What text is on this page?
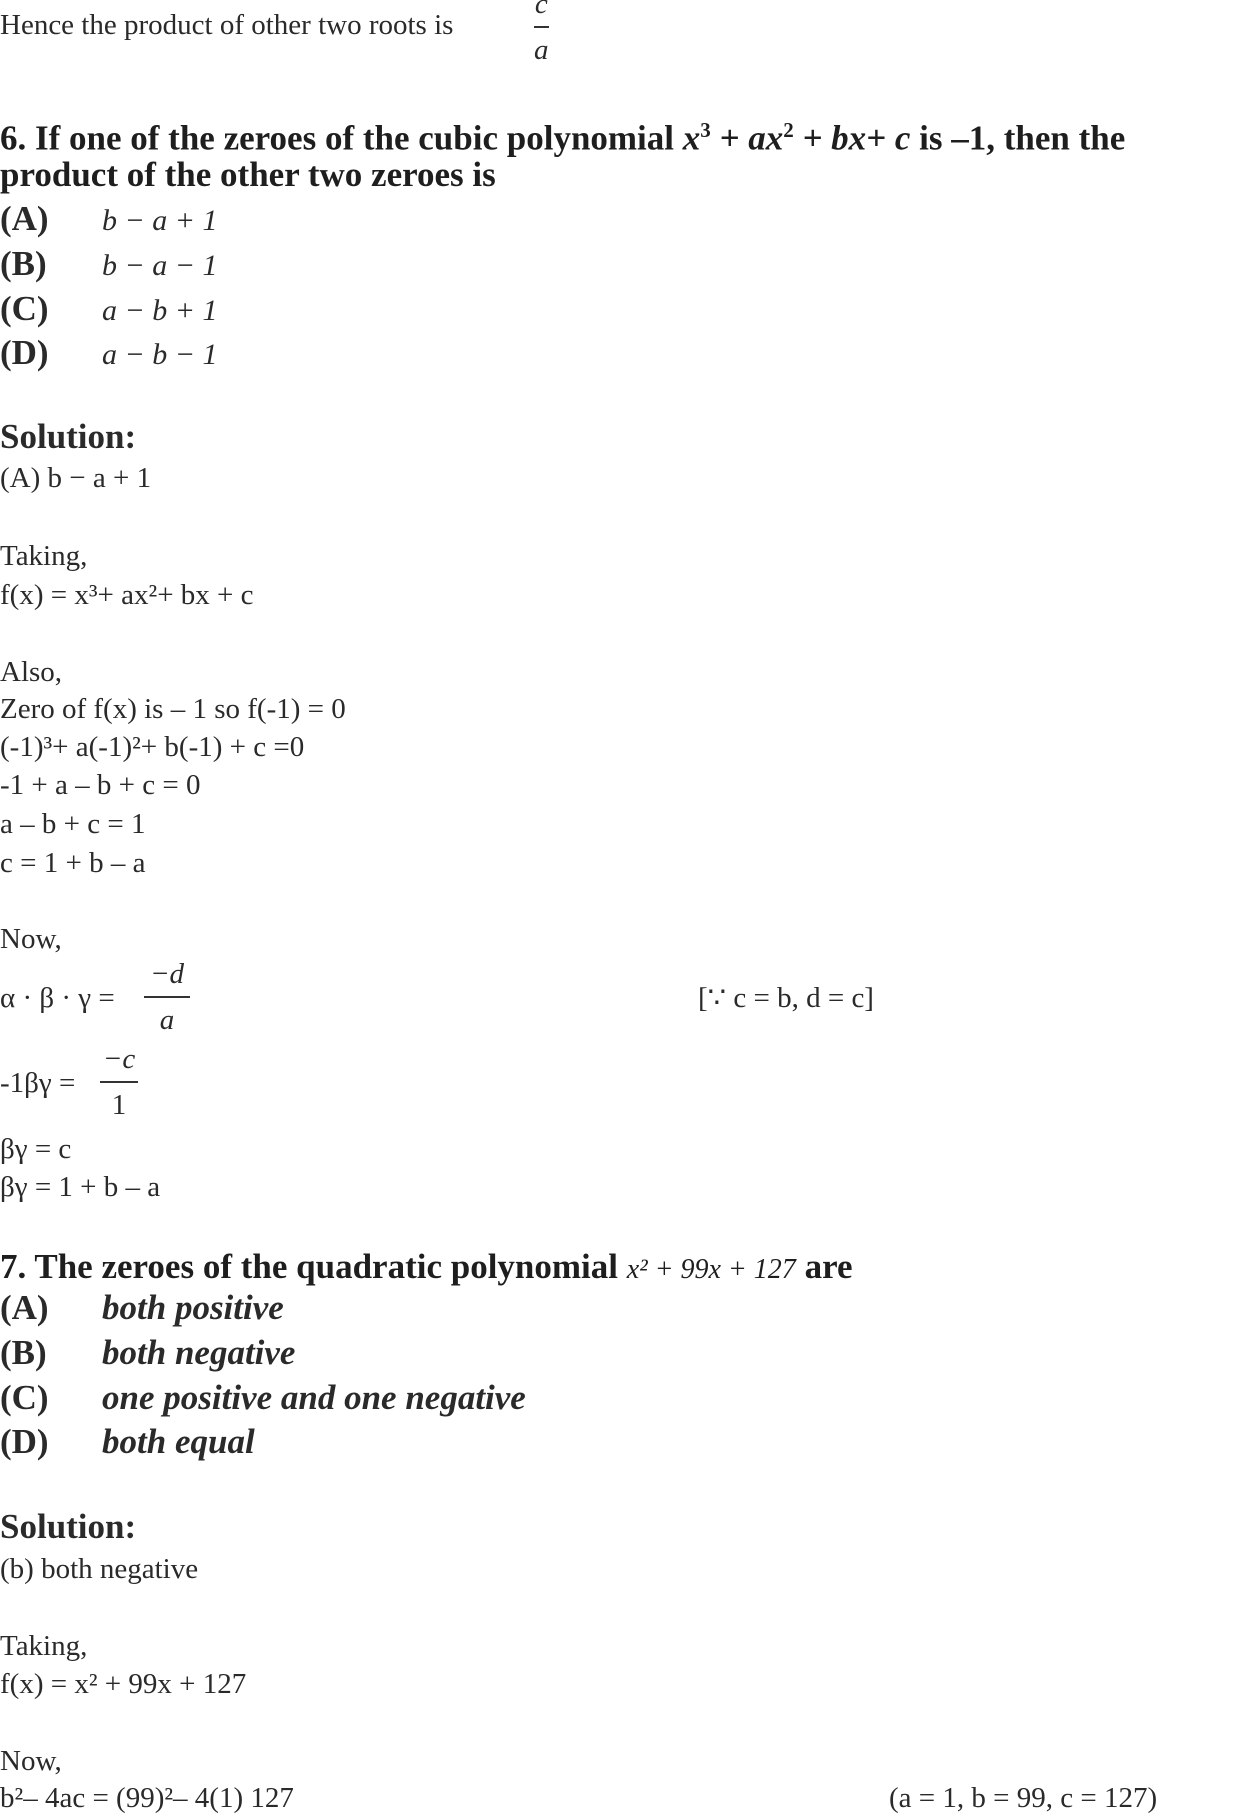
Hence the product of other two roots is
c
a
6. If one of the zeroes of the cubic polynomial $x^3 + ax^2 + bx+ c$ is –1, then the
product of the other two zeroes is
(A) b − a + 1
(B) b − a − 1
(C) a − b + 1
(D) a − b − 1
Solution:
(A) b − a + 1
Taking,
f(x) = x³+ ax²+ bx + c
Also,
Zero of f(x) is – 1 so f(-1) = 0
(-1)³+ a(-1)²+ b(-1) + c =0
-1 + a – b + c = 0
a – b + c = 1
c = 1 + b – a
Now,
α · β · γ =
−d
a
[∵ c = b, d = c]
-1βγ =
−c
1
βγ = c
βγ = 1 + b – a
7. The zeroes of the quadratic polynomial x² + 99x + 127 are
(A) both positive
(B) both negative
(C) one positive and one negative
(D) both equal
Solution:
(b) both negative
Taking,
f(x) = x² + 99x + 127
Now,
b²– 4ac = (99)²– 4(1) 127	(a = 1, b = 99, c = 127)
